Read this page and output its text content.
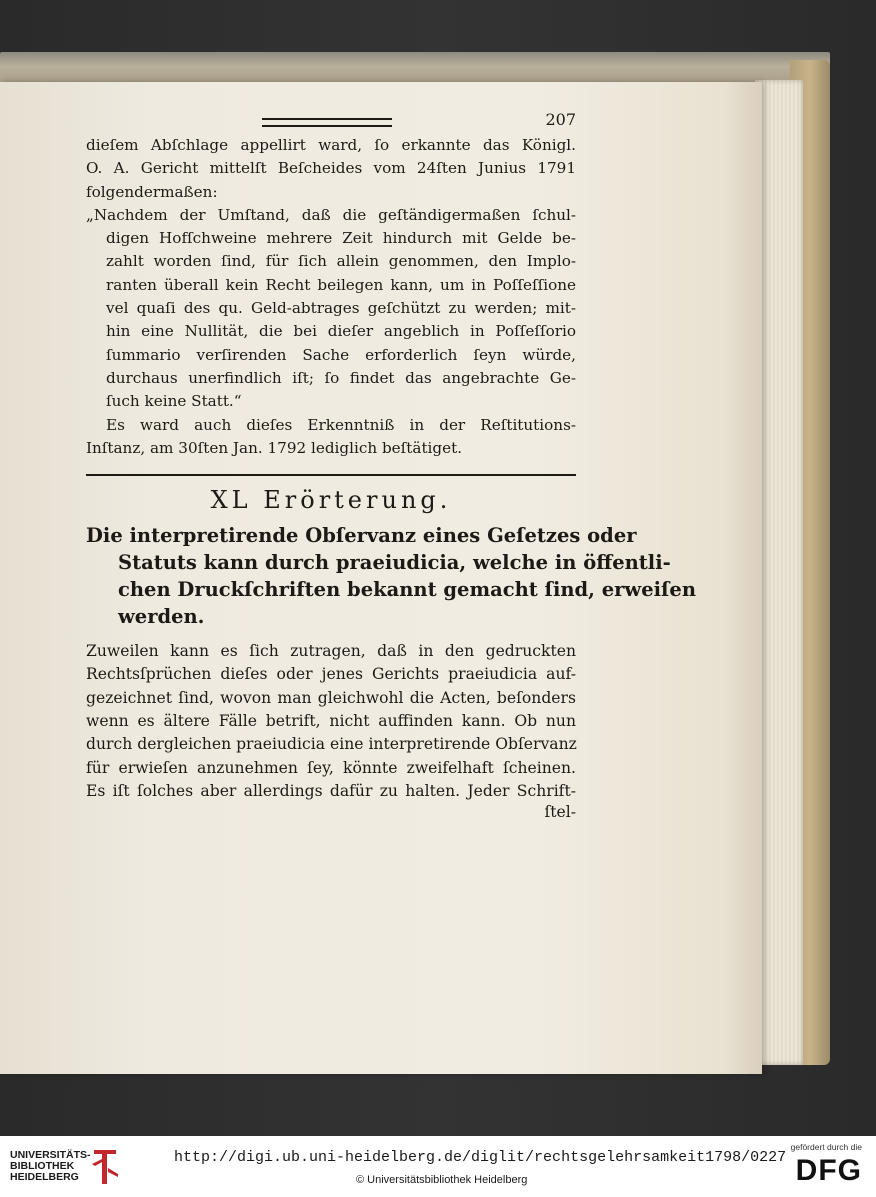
207
dieſem Abſchlage appellirt ward, ſo erkannte das Königl.
O. A. Gericht mittelſt Beſcheides vom 24ſten Junius 1791
folgendermaßen:
„Nachdem der Umſtand, daß die geſtändigermaßen ſchul-
digen Hofſchweine mehrere Zeit hindurch mit Gelde be-
zahlt worden ſind, für ſich allein genommen, den Implo-
ranten überall kein Recht beilegen kann, um in Poſſeſſione
vel quaſi des qu. Geld-abtrages geſchützt zu werden; mit-
hin eine Nullität, die bei dieſer angeblich in Poſſeſſorio
ſummario verſirenden Sache erforderlich ſeyn würde,
durchaus unerfindlich iſt; ſo findet das angebrachte Ge-
ſuch keine Statt.“
Es ward auch dieſes Erkenntniß in der Reſtitutions-
Inſtanz, am 30ſten Jan. 1792 lediglich beſtätiget.
XL Erörterung.
Die interpretirende Obſervanz eines Geſetzes oder
Statuts kann durch praeiudicia, welche in öffentli-
chen Druckſchriften bekannt gemacht ſind, erweiſen
werden.
Zuweilen kann es ſich zutragen, daß in den gedruckten
Rechtsſprüchen dieſes oder jenes Gerichts praeiudicia auf-
gezeichnet ſind, wovon man gleichwohl die Acten, beſonders
wenn es ältere Fälle betrift, nicht auffinden kann. Ob nun
durch dergleichen praeiudicia eine interpretirende Obſervanz
für erwieſen anzunehmen ſey, könnte zweifelhaft ſcheinen.
Es iſt ſolches aber allerdings dafür zu halten. Jeder Schrift-
ſtel-
UNIVERSITÄTS-
BIBLIOTHEK
HEIDELBERG
http://digi.ub.uni-heidelberg.de/diglit/rechtsgelehrsamkeit1798/0227
© Universitätsbibliothek Heidelberg
gefördert durch die
DFG
